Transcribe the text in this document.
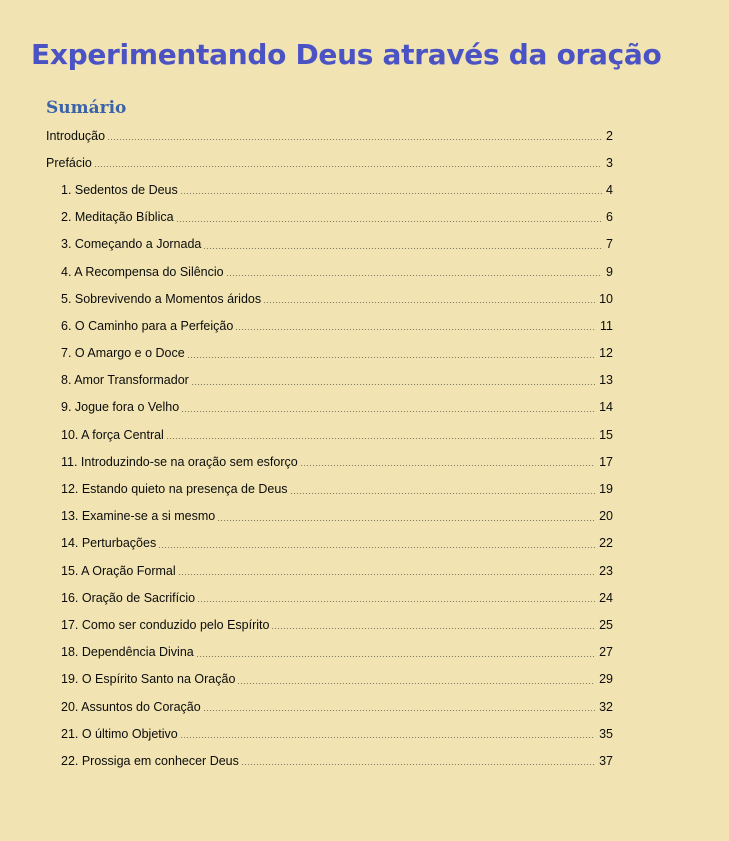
Experimentando Deus através da oração
Sumário
Introdução	2
Prefácio	3
1. Sedentos de Deus	4
2. Meditação Bíblica	6
3. Começando a Jornada	7
4. A Recompensa do Silêncio	9
5. Sobrevivendo a Momentos áridos	10
6. O Caminho para a Perfeição	11
7. O Amargo e o Doce	12
8. Amor Transformador	13
9. Jogue fora o Velho	14
10. A força Central	15
11. Introduzindo-se na oração sem esforço	17
12. Estando quieto na presença de Deus	19
13. Examine-se a si mesmo	20
14. Perturbações	22
15. A Oração Formal	23
16. Oração de Sacrifício	24
17. Como ser conduzido pelo Espírito	25
18. Dependência Divina	27
19. O Espírito Santo na Oração	29
20. Assuntos do Coração	32
21. O último Objetivo	35
22. Prossiga em conhecer Deus	37
